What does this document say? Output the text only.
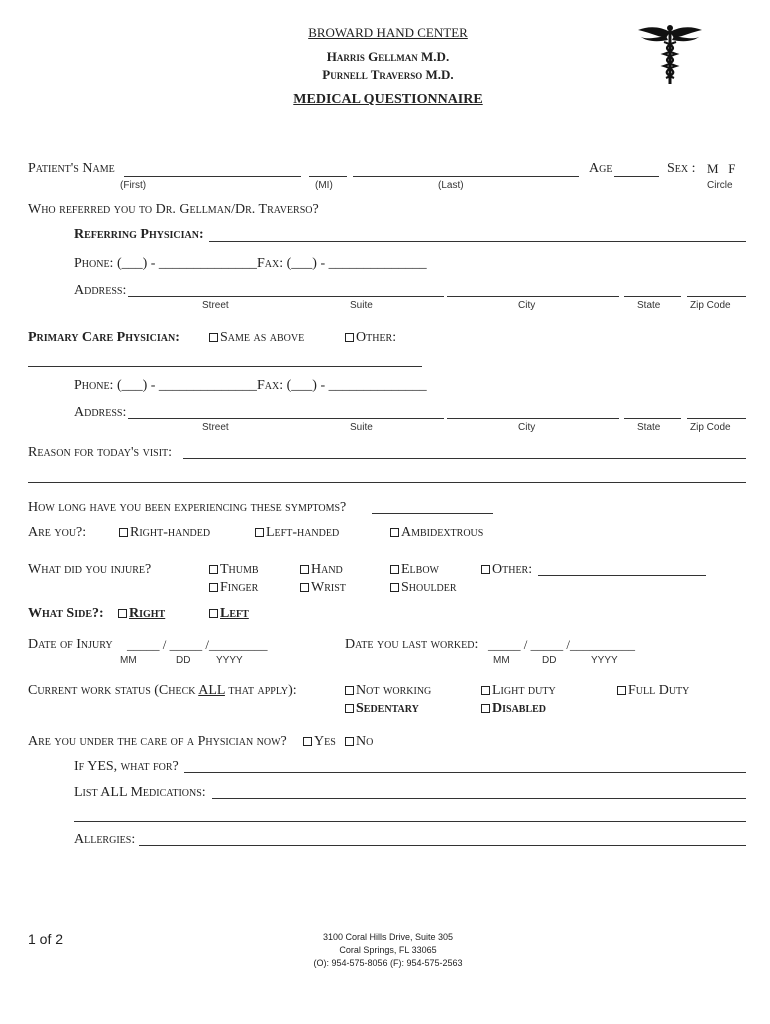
BROWARD HAND CENTER
Harris Gellman M.D.
Purnell Traverso M.D.
MEDICAL QUESTIONNAIRE
Patient's Name	Age	Sex : M   F
(First)	(MI)	(Last)	Circle
Who referred you to Dr. Gellman/Dr. Traverso?
Referring Physician:
Phone: (___) - ______________ Fax: (___) - ______________
Address:
Street	Suite	City	State	Zip Code
Primary Care Physician:	Same as above	Other:
Phone: (___) - ______________ Fax: (___) - ______________
Address:
Street	Suite	City	State	Zip Code
Reason for today's visit:
How long have you been experiencing these symptoms?
Are you?:	Right-handed	Left-handed	Ambidextrous
What did you injure?	Thumb	Hand	Elbow	Other:
Finger	Wrist	Shoulder
What Side?:	Right	Left
Date of Injury _____ / _____ /_________
MM	DD	YYYY
Date you last worked: _____ / _____ /__________
MM	DD	YYYY
Current work status (Check ALL that apply):	Not working	Light duty	Full Duty
Sedentary	Disabled
Are you under the care of a Physician now?	Yes	No
If YES, what for?
List ALL Medications:
Allergies:
1 of 2	3100 Coral Hills Drive, Suite 305
Coral Springs, FL 33065
(O): 954-575-8056 (F): 954-575-2563
